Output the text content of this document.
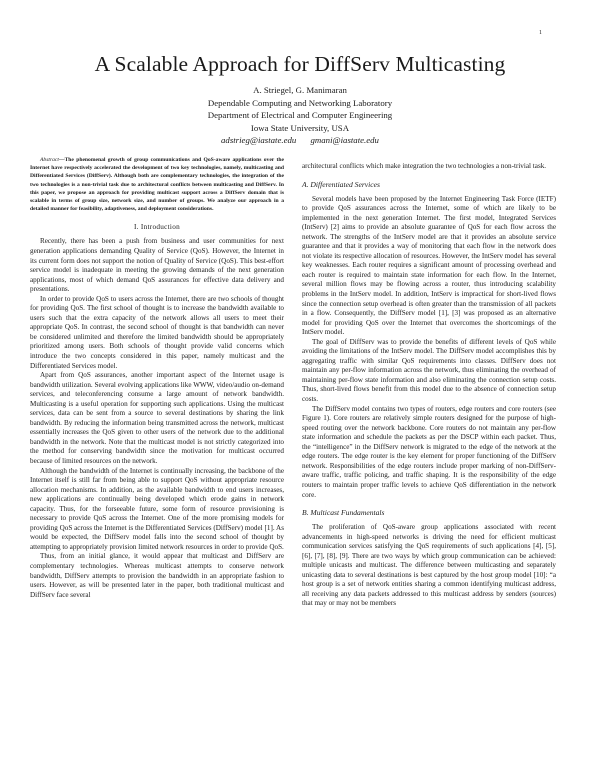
1
A Scalable Approach for DiffServ Multicasting
A. Striegel, G. Manimaran
Dependable Computing and Networking Laboratory
Department of Electrical and Computer Engineering
Iowa State University, USA
adstrieg@iastate.edu gmani@iastate.edu

Abstract—The phenomenal growth of group communications and QoS-aware applications over the Internet have respectively accelerated the development of two key technologies, namely, multicasting and Differentiated Services (DiffServ). Although both are complementary technologies, the integration of the two technologies is a non-trivial task due to architectural conflicts between multicasting and DiffServ. In this paper, we propose an approach for providing multicast support across a DiffServ domain that is scalable in terms of group size, network size, and number of groups. We analyze our approach in a detailed manner for feasibility, adaptiveness, and deployment considerations.

I. Introduction

Recently, there has been a push from business and user communities for next generation applications demanding Quality of Service (QoS). However, the Internet in its current form does not support the notion of Quality of Service (QoS). This best-effort service model is inadequate in meeting the growing demands of the next generation applications, most of which demand QoS assurances for effective data delivery and presentations.

In order to provide QoS to users across the Internet, there are two schools of thought for providing QoS. The first school of thought is to increase the bandwidth available to users such that the extra capacity of the network allows all users to meet their appropriate QoS. In contrast, the second school of thought is that bandwidth can never be considered unlimited and therefore the limited bandwidth should be appropriately prioritized among users. Both schools of thought provide valid concerns which introduce the two concepts considered in this paper, namely multicast and the Differentiated Services model.

Apart from QoS assurances, another important aspect of the Internet usage is bandwidth utilization. Several evolving applications like WWW, video/audio on-demand services, and teleconferencing consume a large amount of network bandwidth. Multicasting is a useful operation for supporting such applications. Using the multicast services, data can be sent from a source to several destinations by sharing the link bandwidth. By reducing the information being transmitted across the network, multicast essentially increases the QoS given to other users of the network due to the additional bandwidth in the network. Note that the multicast model is not strictly categorized into the method for conserving bandwidth since the motivation for multicast occurred because of limited resources on the network.

Although the bandwidth of the Internet is continually increasing, the backbone of the Internet itself is still far from being able to support QoS without appropriate resource allocation mechanisms. In addition, as the available bandwidth to end users increases, new applications are continually being developed which erode gains in network capacity. Thus, for the forseeable future, some form of resource provisioning is necessary to provide QoS across the Internet. One of the more promising models for providing QoS across the Internet is the Differentiated Services (DiffServ) model [1]. As would be expected, the DiffServ model falls into the second school of thought by attempting to appropriately provision limited network resources in order to provide QoS.

Thus, from an initial glance, it would appear that multicast and DiffServ are complementary technologies. Whereas multicast attempts to conserve network bandwidth, DiffServ attempts to provision the bandwidth in an appropriate fashion to users. However, as will be presented later in the paper, both traditional multicast and DiffServ face several

architectural conflicts which make integration the two technologies a non-trivial task.

A. Differentiated Services

Several models have been proposed by the Internet Engineering Task Force (IETF) to provide QoS assurances across the Internet, some of which are likely to be implemented in the next generation Internet. The first model, Integrated Services (IntServ) [2] aims to provide an absolute guarantee of QoS for each flow across the network. The strengths of the IntServ model are that it provides an absolute service guarantee and that it provides a way of monitoring that each flow in the network does not violate its respective allocation of resources. However, the IntServ model has several key weaknesses. Each router requires a significant amount of processing overhead and each router is required to maintain state information for each flow. In the Internet, several million flows may be flowing across a router, thus introducing scalability problems in the IntServ model. In addition, IntServ is impractical for short-lived flows since the connection setup overhead is often greater than the transmission of all packets in a flow. Consequently, the DiffServ model [1], [3] was proposed as an alternative model for providing QoS over the Internet that overcomes the shortcomings of the IntServ model.

The goal of DiffServ was to provide the benefits of different levels of QoS while avoiding the limitations of the IntServ model. The DiffServ model accomplishes this by aggregating traffic with similar QoS requirements into classes. DiffServ does not maintain any per-flow information across the network, thus eliminating the overhead of maintaining per-flow state information and also eliminating the connection setup costs. Thus, short-lived flows benefit from this model due to the absence of connection setup costs.

The DiffServ model contains two types of routers, edge routers and core routers (see Figure 1). Core routers are relatively simple routers designed for the purpose of high-speed routing over the network backbone. Core routers do not maintain any per-flow state information and schedule the packets as per the DSCP within each packet. Thus, the “intelligence” in the DiffServ network is migrated to the edge of the network at the edge routers. The edge router is the key element for proper functioning of the DiffServ network. Responsibilities of the edge routers include proper marking of non-DiffServ-aware traffic, traffic policing, and traffic shaping. It is the responsibility of the edge routers to maintain proper traffic levels to achieve QoS differentiation in the network core.

B. Multicast Fundamentals

The proliferation of QoS-aware group applications associated with recent advancements in high-speed networks is driving the need for efficient multicast communication services satisfying the QoS requirements of such applications [4], [5], [6], [7], [8], [9]. There are two ways by which group communication can be achieved: multiple unicasts and multicast. The difference between multicasting and separately unicasting data to several destinations is best captured by the host group model [10]: “a host group is a set of network entities sharing a common identifying multicast address, all receiving any data packets addressed to this multicast address by senders (sources) that may or may not be members
